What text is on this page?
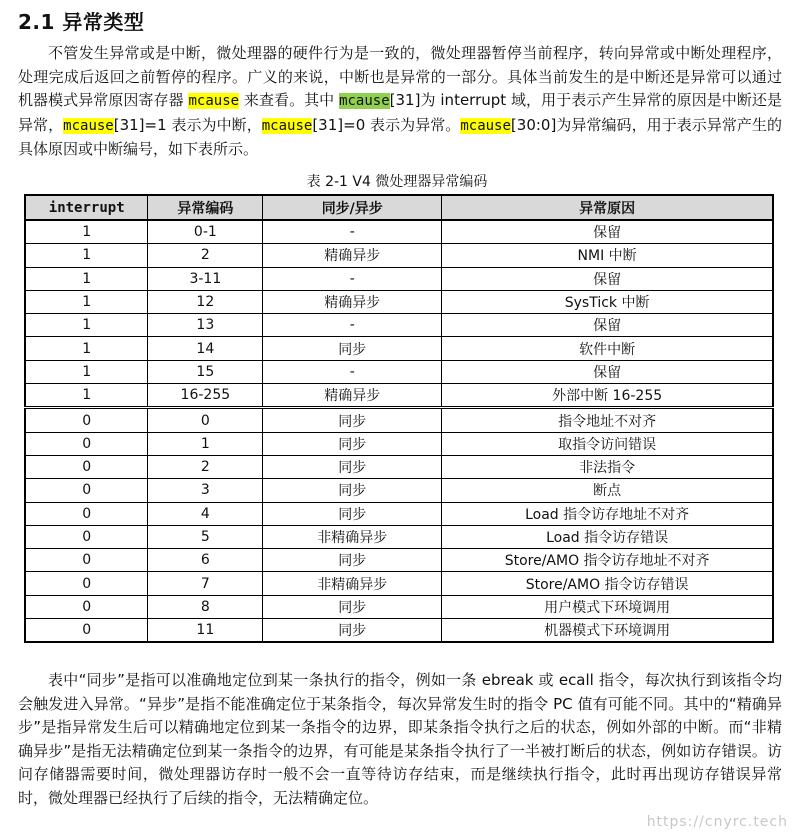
2.1 异常类型

不管发生异常或是中断，微处理器的硬件行为是一致的，微处理器暂停当前程序，转向异常或中断处理程序，处理完成后返回之前暂停的程序。广义的来说，中断也是异常的一部分。具体当前发生的是中断还是异常可以通过机器模式异常原因寄存器 mcause 来查看。其中 mcause[31]为 interrupt 域，用于表示产生异常的原因是中断还是异常，mcause[31]=1 表示为中断，mcause[31]=0 表示为异常。mcause[30:0]为异常编码，用于表示异常产生的具体原因或中断编号，如下表所示。

表 2-1 V4 微处理器异常编码
interrupt	异常编码	同步/异步	异常原因
1	0-1	-	保留
1	2	精确异步	NMI 中断
1	3-11	-	保留
1	12	精确异步	SysTick 中断
1	13	-	保留
1	14	同步	软件中断
1	15	-	保留
1	16-255	精确异步	外部中断 16-255
0	0	同步	指令地址不对齐
0	1	同步	取指令访问错误
0	2	同步	非法指令
0	3	同步	断点
0	4	同步	Load 指令访存地址不对齐
0	5	非精确异步	Load 指令访存错误
0	6	同步	Store/AMO 指令访存地址不对齐
0	7	非精确异步	Store/AMO 指令访存错误
0	8	同步	用户模式下环境调用
0	11	同步	机器模式下环境调用

表中“同步”是指可以准确地定位到某一条执行的指令，例如一条 ebreak 或 ecall 指令，每次执行到该指令均会触发进入异常。“异步”是指不能准确定位于某条指令，每次异常发生时的指令 PC 值有可能不同。其中的“精确异步”是指异常发生后可以精确地定位到某一条指令的边界，即某条指令执行之后的状态，例如外部的中断。而“非精确异步”是指无法精确定位到某一条指令的边界，有可能是某条指令执行了一半被打断后的状态，例如访存错误。访问存储器需要时间，微处理器访存时一般不会一直等待访存结束，而是继续执行指令，此时再出现访存错误异常时，微处理器已经执行了后续的指令，无法精确定位。

https://cnyrc.tech
